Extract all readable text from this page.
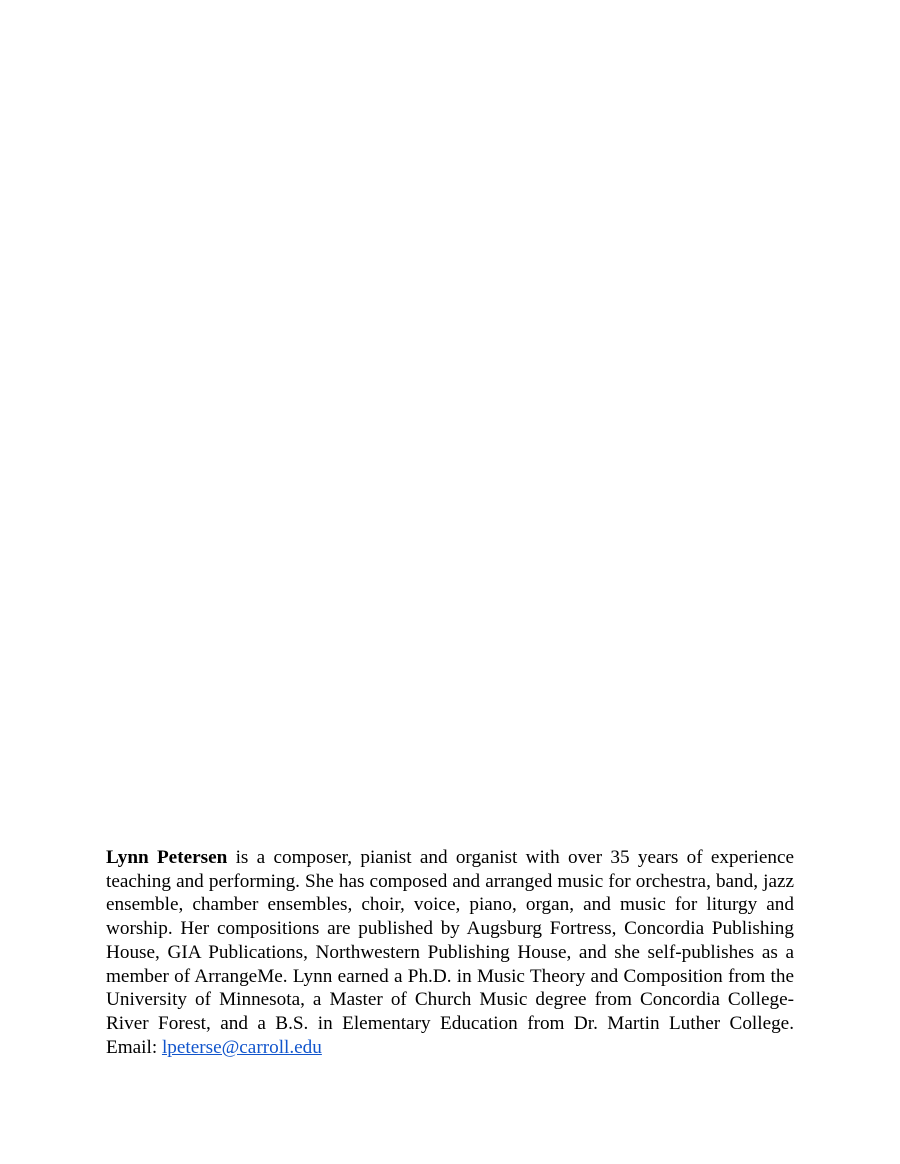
Lynn Petersen is a composer, pianist and organist with over 35 years of experience teaching and performing. She has composed and arranged music for orchestra, band, jazz ensemble, chamber ensembles, choir, voice, piano, organ, and music for liturgy and worship. Her compositions are published by Augsburg Fortress, Concordia Publishing House, GIA Publications, Northwestern Publishing House, and she self-publishes as a member of ArrangeMe. Lynn earned a Ph.D. in Music Theory and Composition from the University of Minnesota, a Master of Church Music degree from Concordia College-River Forest, and a B.S. in Elementary Education from Dr. Martin Luther College. Email: lpeterse@carroll.edu
